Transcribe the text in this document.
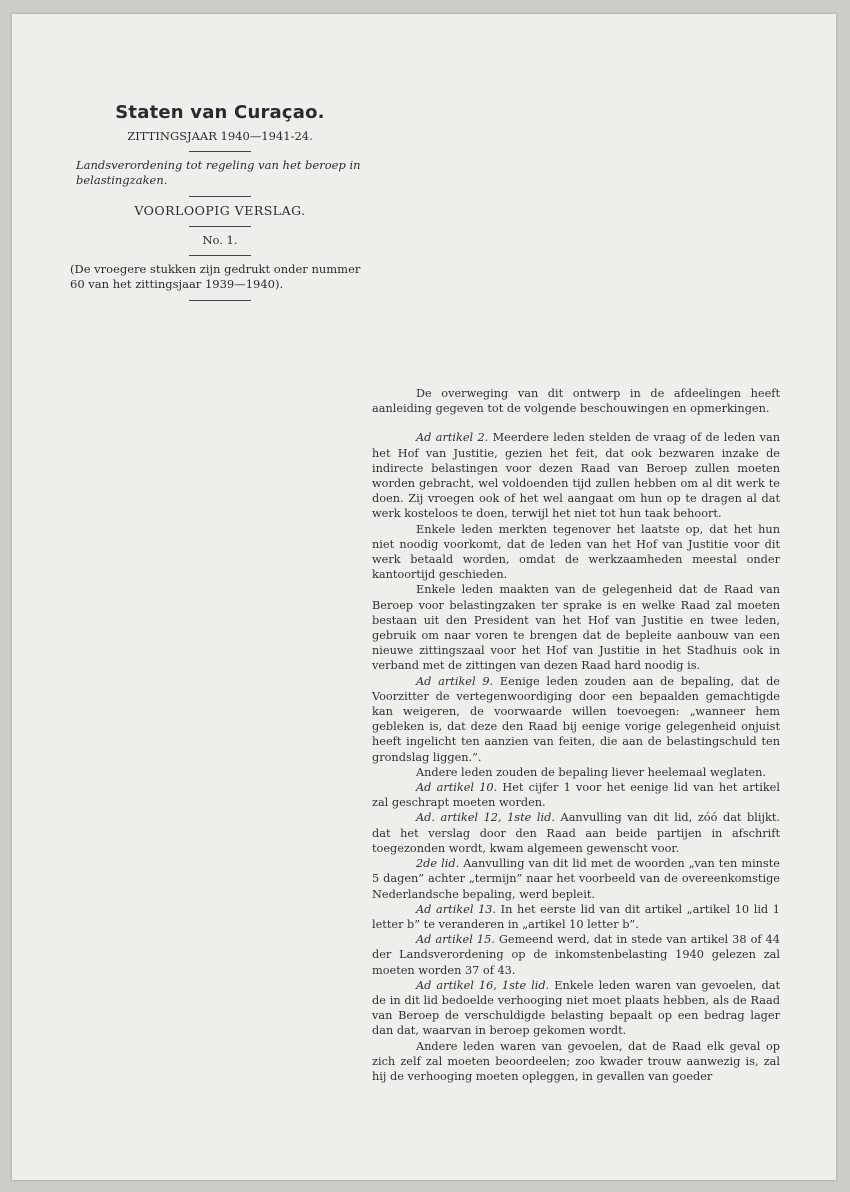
Staten van Curaçao.

ZITTINGSJAAR 1940—1941-24.

Landsverordening tot regeling van het beroep in belastingzaken.

VOORLOOPIG VERSLAG.

No. 1.

(De vroegere stukken zijn gedrukt onder nummer 60 van het zittingsjaar 1939—1940).

De overweging van dit ontwerp in de afdeelingen heeft aanleiding gegeven tot de volgende beschouwingen en opmerkingen.

Ad artikel 2. Meerdere leden stelden de vraag of de leden van het Hof van Justitie, gezien het feit, dat ook bezwaren inzake de indirecte belastingen voor dezen Raad van Beroep zullen moeten worden gebracht, wel voldoenden tijd zullen hebben om al dit werk te doen. Zij vroegen ook of het wel aangaat om hun op te dragen al dat werk kosteloos te doen, terwijl het niet tot hun taak behoort.

Enkele leden merkten tegenover het laatste op, dat het hun niet noodig voorkomt, dat de leden van het Hof van Justitie voor dit werk betaald worden, omdat de werkzaamheden meestal onder kantoortijd geschieden.

Enkele leden maakten van de gelegenheid dat de Raad van Beroep voor belastingzaken ter sprake is en welke Raad zal moeten bestaan uit den President van het Hof van Justitie en twee leden, gebruik om naar voren te brengen dat de bepleite aanbouw van een nieuwe zittingszaal voor het Hof van Justitie in het Stadhuis ook in verband met de zittingen van dezen Raad hard noodig is.

Ad artikel 9. Eenige leden zouden aan de bepaling, dat de Voorzitter de vertegenwoordiging door een bepaalden gemachtigde kan weigeren, de voorwaarde willen toevoegen: „wanneer hem gebleken is, dat deze den Raad bij eenige vorige gelegenheid onjuist heeft ingelicht ten aanzien van feiten, die aan de belastingschuld ten grondslag liggen.”.

Andere leden zouden de bepaling liever heelemaal weglaten.

Ad artikel 10. Het cijfer 1 voor het eenige lid van het artikel zal geschrapt moeten worden.

Ad. artikel 12, 1ste lid. Aanvulling van dit lid, zóó dat blijkt. dat het verslag door den Raad aan beide partijen in afschrift toegezonden wordt, kwam algemeen gewenscht voor.

2de lid. Aanvulling van dit lid met de woorden „van ten minste 5 dagen” achter „termijn” naar het voorbeeld van de overeenkomstige Nederlandsche bepaling, werd bepleit.

Ad artikel 13. In het eerste lid van dit artikel „artikel 10 lid 1 letter b” te veranderen in „artikel 10 letter b”.

Ad artikel 15. Gemeend werd, dat in stede van artikel 38 of 44 der Landsverordening op de inkomstenbelasting 1940 gelezen zal moeten worden 37 of 43.

Ad artikel 16, 1ste lid. Enkele leden waren van gevoelen, dat de in dit lid bedoelde verhooging niet moet plaats hebben, als de Raad van Beroep de verschuldigde belasting bepaalt op een bedrag lager dan dat, waarvan in beroep gekomen wordt.

Andere leden waren van gevoelen, dat de Raad elk geval op zich zelf zal moeten beoordeelen; zoo kwader trouw aanwezig is, zal hij de verhooging moeten opleggen, in gevallen van goeder
